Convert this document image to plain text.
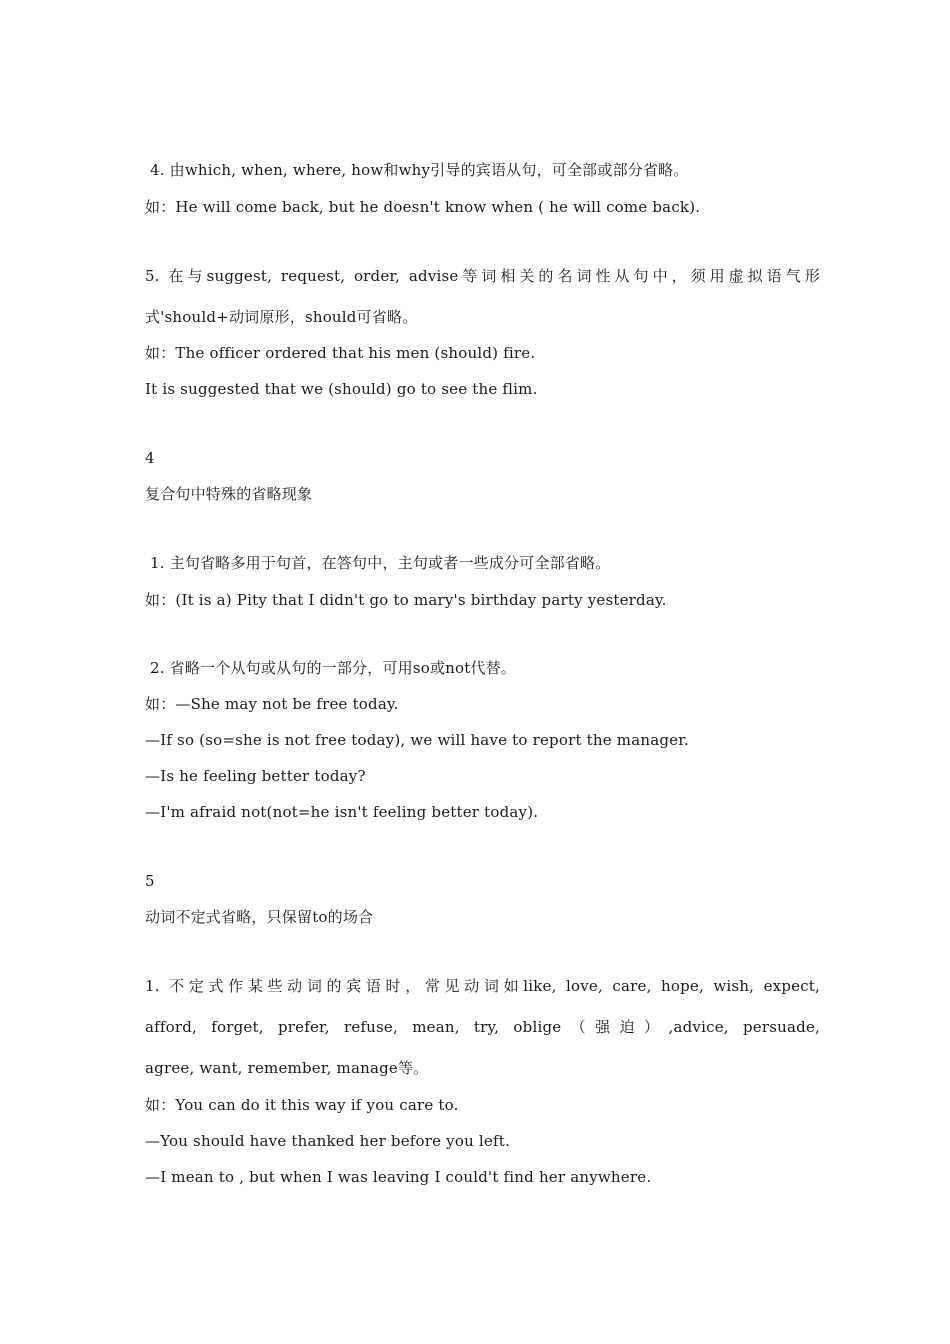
4. 由which, when, where, how和why引导的宾语从句，可全部或部分省略。
如：He will come back, but he doesn't know when ( he will come back).
5. 在与suggest, request, order, advise等词相关的名词性从句中，须用虚拟语气形
式'should+动词原形，should可省略。
如：The officer ordered that his men (should) fire.
It is suggested that we (should) go to see the flim.
4
复合句中特殊的省略现象
1. 主句省略多用于句首，在答句中，主句或者一些成分可全部省略。
如：(It is a) Pity that I didn't go to mary's birthday party yesterday.
2. 省略一个从句或从句的一部分，可用so或not代替。
如：—She may not be free today.
—If so (so=she is not free today), we will have to report the manager.
—Is he feeling better today?
—I'm afraid not(not=he isn't feeling better today).
5
动词不定式省略，只保留to的场合
1. 不定式作某些动词的宾语时，常见动词如like, love, care, hope, wish, expect,
afford, forget, prefer, refuse, mean, try, oblige（强迫）,advice, persuade,
agree, want, remember, manage等。
如：You can do it this way if you care to.
—You should have thanked her before you left.
—I mean to , but when I was leaving I could't find her anywhere.
